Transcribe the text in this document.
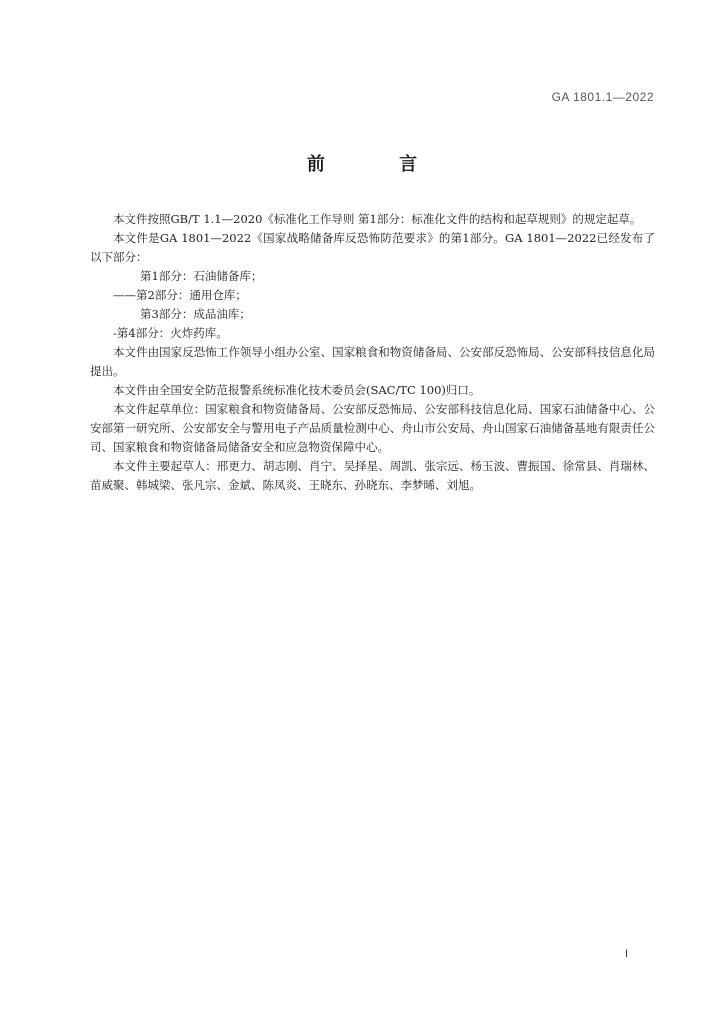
GA 1801.1—2022
前 言

本文件按照GB/T 1.1—2020《标准化工作导则 第1部分：标准化文件的结构和起草规则》的规定起草。

本文件是GA 1801—2022《国家战略储备库反恐怖防范要求》的第1部分。GA 1801—2022已经发布了以下部分：

第1部分：石油储备库；

——第2部分：通用仓库；

第3部分：成品油库；

-第4部分：火炸药库。

本文件由国家反恐怖工作领导小组办公室、国家粮食和物资储备局、公安部反恐怖局、公安部科技信息化局提出。

本文件由全国安全防范报警系统标准化技术委员会(SAC/TC 100)归口。

本文件起草单位：国家粮食和物资储备局、公安部反恐怖局、公安部科技信息化局、国家石油储备中心、公安部第一研究所、公安部安全与警用电子产品质量检测中心、舟山市公安局、舟山国家石油储备基地有限责任公司、国家粮食和物资储备局储备安全和应急物资保障中心。

本文件主要起草人：邢更力、胡志刚、肖宁、吴择星、周凯、张宗远、杨玉波、曹振国、徐常县、肖瑞林、苗威聚、韩城梁、张凡宗、金斌、陈凤炎、王晓东、孙晓东、李梦晞、刘旭。

I
